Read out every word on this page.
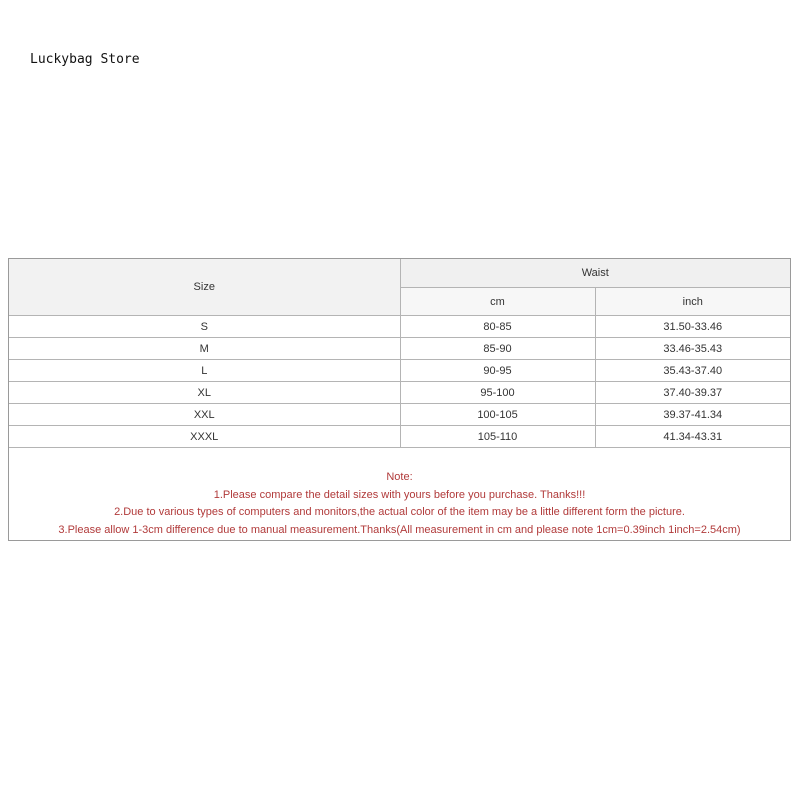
Luckybag Store
Size	Waist	
	cm	inch
S	80-85	31.50-33.46
M	85-90	33.46-35.43
L	90-95	35.43-37.40
XL	95-100	37.40-39.37
XXL	100-105	39.37-41.34
XXXL	105-110	41.34-43.31
Note:
1.Please compare the detail sizes with yours before you purchase. Thanks!!!
2.Due to various types of computers and monitors,the actual color of the item may be a little different form the picture.
3.Please allow 1-3cm difference due to manual measurement.Thanks(All measurement in cm and please note 1cm=0.39inch 1inch=2.54cm)
